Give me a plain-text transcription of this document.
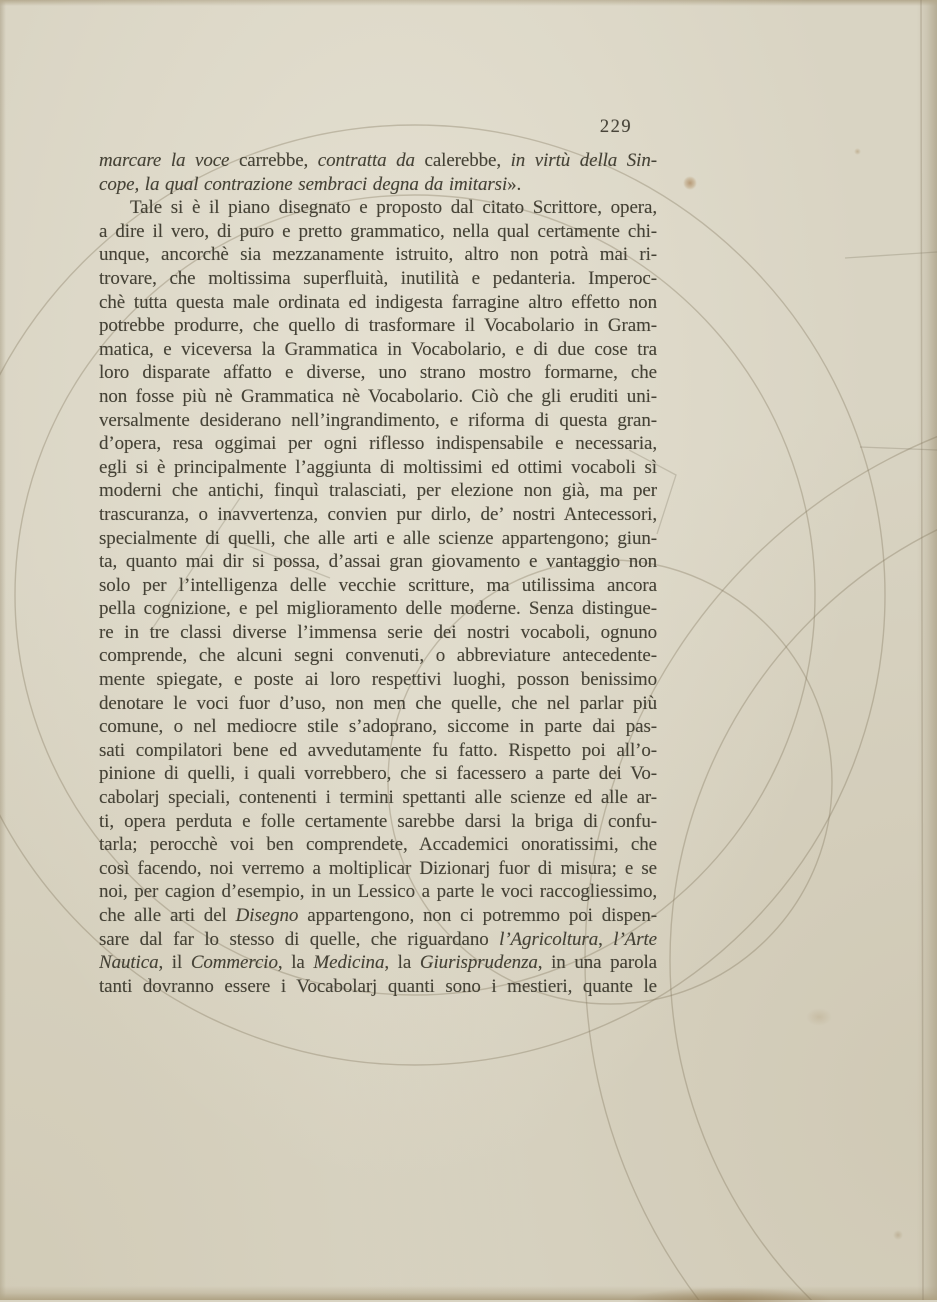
229
marcare la voce carrebbe, contratta da calerebbe, in virtù della Sin-
cope, la qual contrazione sembraci degna da imitarsi».
Tale si è il piano disegnato e proposto dal citato Scrittore, opera,
a dire il vero, di puro e pretto grammatico, nella qual certamente chi-
unque, ancorchè sia mezzanamente istruito, altro non potrà mai ri-
trovare, che moltissima superfluità, inutilità e pedanteria. Imperoc-
chè tutta questa male ordinata ed indigesta farragine altro effetto non
potrebbe produrre, che quello di trasformare il Vocabolario in Gram-
matica, e viceversa la Grammatica in Vocabolario, e di due cose tra
loro disparate affatto e diverse, uno strano mostro formarne, che
non fosse più nè Grammatica nè Vocabolario. Ciò che gli eruditi uni-
versalmente desiderano nell’ingrandimento, e riforma di questa gran-
d’opera, resa oggimai per ogni riflesso indispensabile e necessaria,
egli si è principalmente l’aggiunta di moltissimi ed ottimi vocaboli sì
moderni che antichi, finquì tralasciati, per elezione non già, ma per
trascuranza, o inavvertenza, convien pur dirlo, de’ nostri Antecessori,
specialmente di quelli, che alle arti e alle scienze appartengono; giun-
ta, quanto mai dir si possa, d’assai gran giovamento e vantaggio non
solo per l’intelligenza delle vecchie scritture, ma utilissima ancora
pella cognizione, e pel miglioramento delle moderne. Senza distingue-
re in tre classi diverse l’immensa serie dei nostri vocaboli, ognuno
comprende, che alcuni segni convenuti, o abbreviature antecedente-
mente spiegate, e poste ai loro respettivi luoghi, posson benissimo
denotare le voci fuor d’uso, non men che quelle, che nel parlar più
comune, o nel mediocre stile s’adoprano, siccome in parte dai pas-
sati compilatori bene ed avvedutamente fu fatto. Rispetto poi all’o-
pinione di quelli, i quali vorrebbero, che si facessero a parte dei Vo-
cabolarj speciali, contenenti i termini spettanti alle scienze ed alle ar-
ti, opera perduta e folle certamente sarebbe darsi la briga di confu-
tarla; perocchè voi ben comprendete, Accademici onoratissimi, che
così facendo, noi verremo a moltiplicar Dizionarj fuor di misura; e se
noi, per cagion d’esempio, in un Lessico a parte le voci raccogliessimo,
che alle arti del Disegno appartengono, non ci potremmo poi dispen-
sare dal far lo stesso di quelle, che riguardano l’Agricoltura, l’Arte
Nautica, il Commercio, la Medicina, la Giurisprudenza, in una parola
tanti dovranno essere i Vocabolarj quanti sono i mestieri, quante le
